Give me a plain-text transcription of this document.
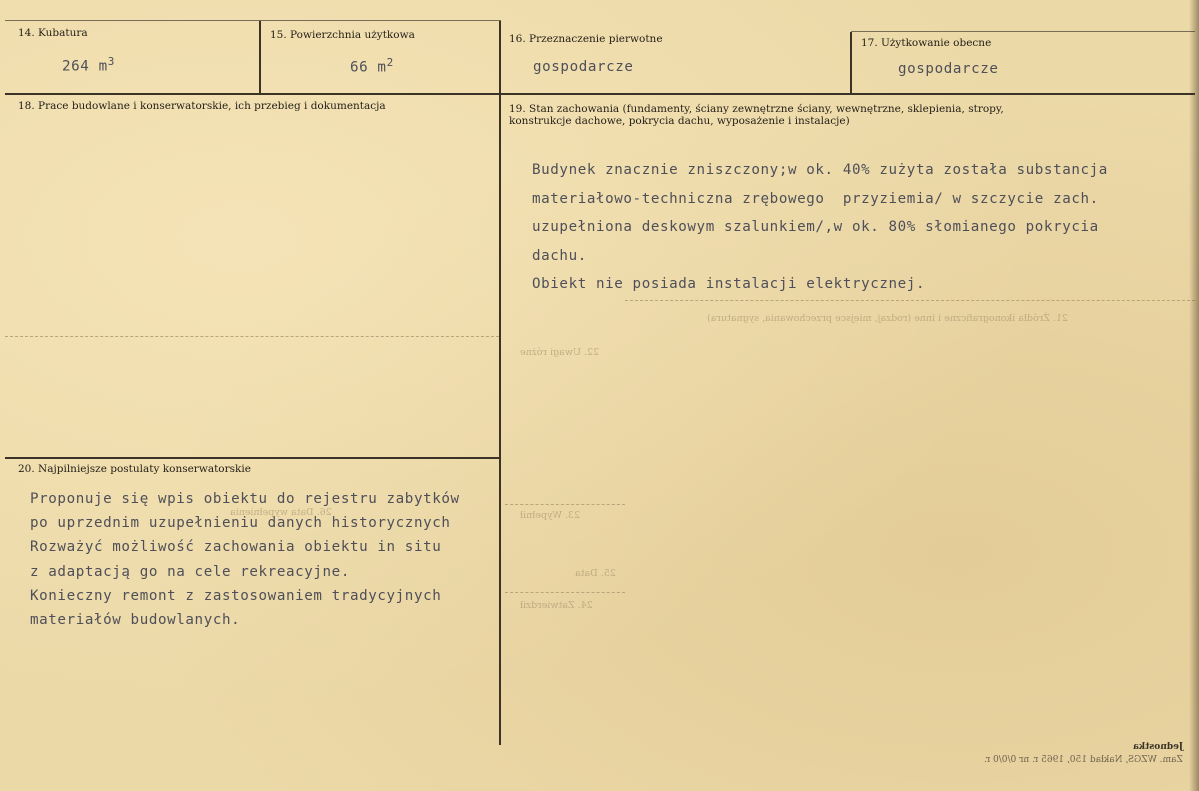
14. Kubatura
264 $m^3$
15. Powierzchnia użytkowa
66 $m^2$
16. Przeznaczenie pierwotne
gospodarcze
17. Użytkowanie obecne
gospodarcze
18. Prace budowlane i konserwatorskie, ich przebieg i dokumentacja	19. Stan zachowania (fundamenty, ściany zewnętrzne ściany, wewnętrzne, sklepienia, stropy,
konstrukcje dachowe, pokrycia dachu, wyposażenie i instalacje)
Budynek znacznie zniszczony;w ok. 40% zużyta została substancja
materiałowo-techniczna zrębowego  przyziemia/ w szczycie zach.
uzupełniona deskowym szalunkiem/,w ok. 80% słomianego pokrycia
dachu.
Obiekt nie posiada instalacji elektrycznej.
20. Najpilniejsze postulaty konserwatorskie
Proponuje się wpis obiektu do rejestru zabytków
po uprzednim uzupełnieniu danych historycznych
Rozważyć możliwość zachowania obiektu in situ
z adaptacją go na cele rekreacyjne.
Konieczny remont z zastosowaniem tradycyjnych
materiałów budowlanych.
21. Źródła ikonograficzne i inne (rodzaj, miejsce przechowania, sygnatura)
22. Uwagi różne
23. Wypełnił
24. Zatwierdził
25. Data
26. Data wypełnienia
Jednostka
Zam. WZGS, Nakład 150, 1965 r. nr 0/0/0 r.
